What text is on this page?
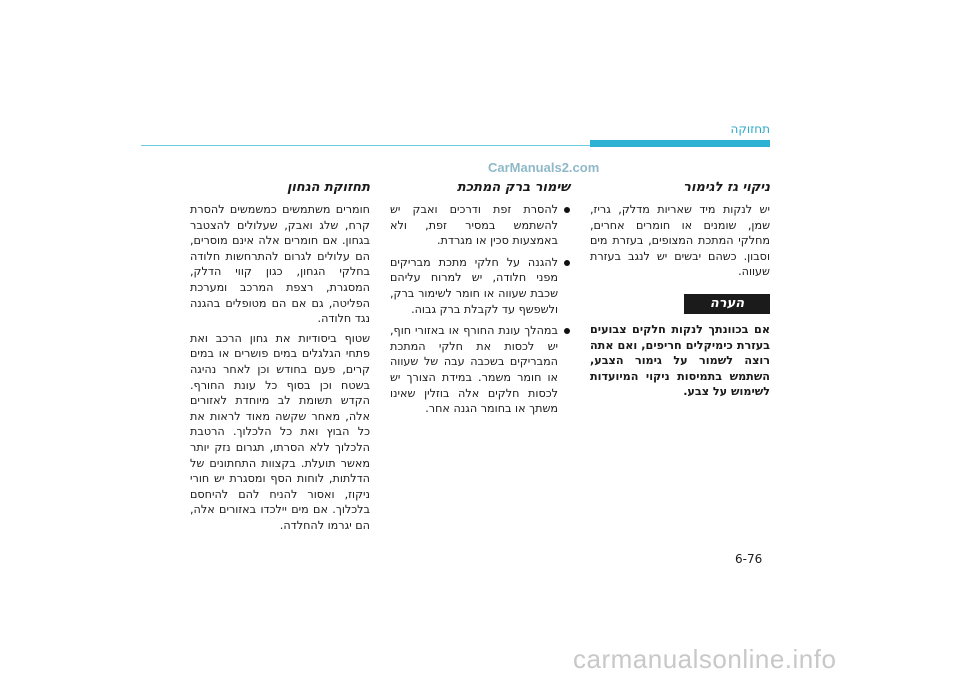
תחזוקה
CarManuals2.com

ניקוי גז לגימור

יש לנקות מיד שאריות מדלק, גריז, שמן, שומנים או חומרים אחרים, מחלקי המתכת המצופים, בעזרת מים וסבון. כשהם יבשים יש לנגב בעזרת שעווה.

הערה

אם בכוונתך לנקות חלקים צבועים בעזרת כימיקלים חריפים, ואם אתה רוצה לשמור על גימור הצבע, השתמש בתמיסות ניקוי המיועדות לשימוש על צבע.

שימור ברק המתכת

להסרת זפת ודרכים ואבק יש להשתמש במסיר זפת, ולא באמצעות סכין או מגרדת.
להגנה על חלקי מתכת מבריקים מפני חלודה, יש למרוח עליהם שכבת שעווה או חומר לשימור ברק, ולשפשף עד לקבלת ברק גבוה.
במהלך עונת החורף או באזורי חוף, יש לכסות את חלקי המתכת המבריקים בשכבה עבה של שעווה או חומר משמר. במידת הצורך יש לכסות חלקים אלה בוזלין שאינו משתך או בחומר הגנה אחר.

תחזוקת הגחון

חומרים משתמשים כמשמשים להסרת קרח, שלג ואבק, שעלולים להצטבר בגחון. אם חומרים אלה אינם מוסרים, הם עלולים לגרום להתרחשות חלודה בחלקי הגחון, כגון קווי הדלק, המסגרת, רצפת המרכב ומערכת הפליטה, גם אם הם מטופלים בהגנה נגד חלודה.

שטוף ביסודיות את גחון הרכב ואת פתחי הגלגלים במים פושרים או במים קרים, פעם בחודש וכן לאחר נהיגה בשטח וכן בסוף כל עונת החורף. הקדש תשומת לב מיוחדת לאזורים אלה, מאחר שקשה מאוד לראות את כל הבוץ ואת כל הלכלוך. הרטבת הלכלוך ללא הסרתו, תגרום נזק יותר מאשר תועלת. בקצוות התחתונים של הדלתות, לוחות הסף ומסגרת יש חורי ניקוז, ואסור להניח להם להיחסם בלכלוך. אם מים יילכדו באזורים אלה, הם יגרמו להחלדה.

6-76
carmanualsonline.info
